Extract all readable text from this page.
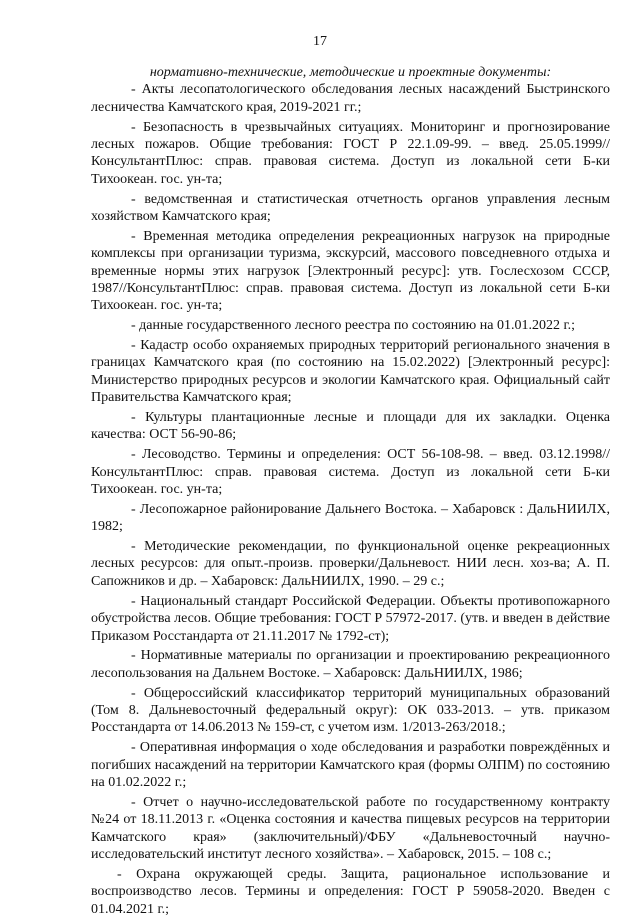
17

нормативно-технические, методические и проектные документы:

- Акты лесопатологического обследования лесных насаждений Быстринского лесничества Камчатского края, 2019-2021 гг.;

- Безопасность в чрезвычайных ситуациях. Мониторинг и прогнозирование лесных пожаров. Общие требования: ГОСТ Р 22.1.09-99. – введ. 25.05.1999// КонсультантПлюс: справ. правовая система. Доступ из локальной сети Б-ки Тихоокеан. гос. ун-та;

- ведомственная и статистическая отчетность органов управления лесным хозяйством Камчатского края;

- Временная методика определения рекреационных нагрузок на природные комплексы при организации туризма, экскурсий, массового повседневного отдыха и временные нормы этих нагрузок [Электронный ресурс]: утв. Гослесхозом СССР, 1987//КонсультантПлюс: справ. правовая система. Доступ из локальной сети Б-ки Тихоокеан. гос. ун-та;

- данные государственного лесного реестра по состоянию на 01.01.2022 г.;

- Кадастр особо охраняемых природных территорий регионального значения в границах Камчатского края (по состоянию на 15.02.2022) [Электронный ресурс]: Министерство природных ресурсов и экологии Камчатского края. Официальный сайт Правительства Камчатского края;

- Культуры плантационные лесные и площади для их закладки. Оценка качества: ОСТ 56-90-86;

- Лесоводство. Термины и определения: ОСТ 56-108-98. – введ. 03.12.1998// КонсультантПлюс: справ. правовая система. Доступ из локальной сети Б-ки Тихоокеан. гос. ун-та;

- Лесопожарное районирование Дальнего Востока. – Хабаровск : ДальНИИЛХ, 1982;

- Методические рекомендации, по функциональной оценке рекреационных лесных ресурсов: для опыт.-произв. проверки/Дальневост. НИИ лесн. хоз-ва; А. П. Сапожников и др. – Хабаровск: ДальНИИЛХ, 1990. – 29 с.;

- Национальный стандарт Российской Федерации. Объекты противопожарного обустройства лесов. Общие требования: ГОСТ Р 57972-2017. (утв. и введен в действие Приказом Росстандарта от 21.11.2017 № 1792-ст);

- Нормативные материалы по организации и проектированию рекреационного лесопользования на Дальнем Востоке. – Хабаровск: ДальНИИЛХ, 1986;

- Общероссийский классификатор территорий муниципальных образований (Том 8. Дальневосточный федеральный округ): ОК 033-2013. – утв. приказом Росстандарта от 14.06.2013 № 159-ст, с учетом изм. 1/2013-263/2018.;

- Оперативная информация о ходе обследования и разработки повреждённых и погибших насаждений на территории Камчатского края (формы ОЛПМ) по состоянию на 01.02.2022 г.;

- Отчет о научно-исследовательской работе по государственному контракту №24 от 18.11.2013 г. «Оценка состояния и качества пищевых ресурсов на территории Камчатского края» (заключительный)/ФБУ «Дальневосточный научно-исследовательский институт лесного хозяйства». – Хабаровск, 2015. – 108 с.;

- Охрана окружающей среды. Защита, рациональное использование и воспроизводство лесов. Термины и определения: ГОСТ Р 59058-2020. Введен с 01.04.2021 г.;
